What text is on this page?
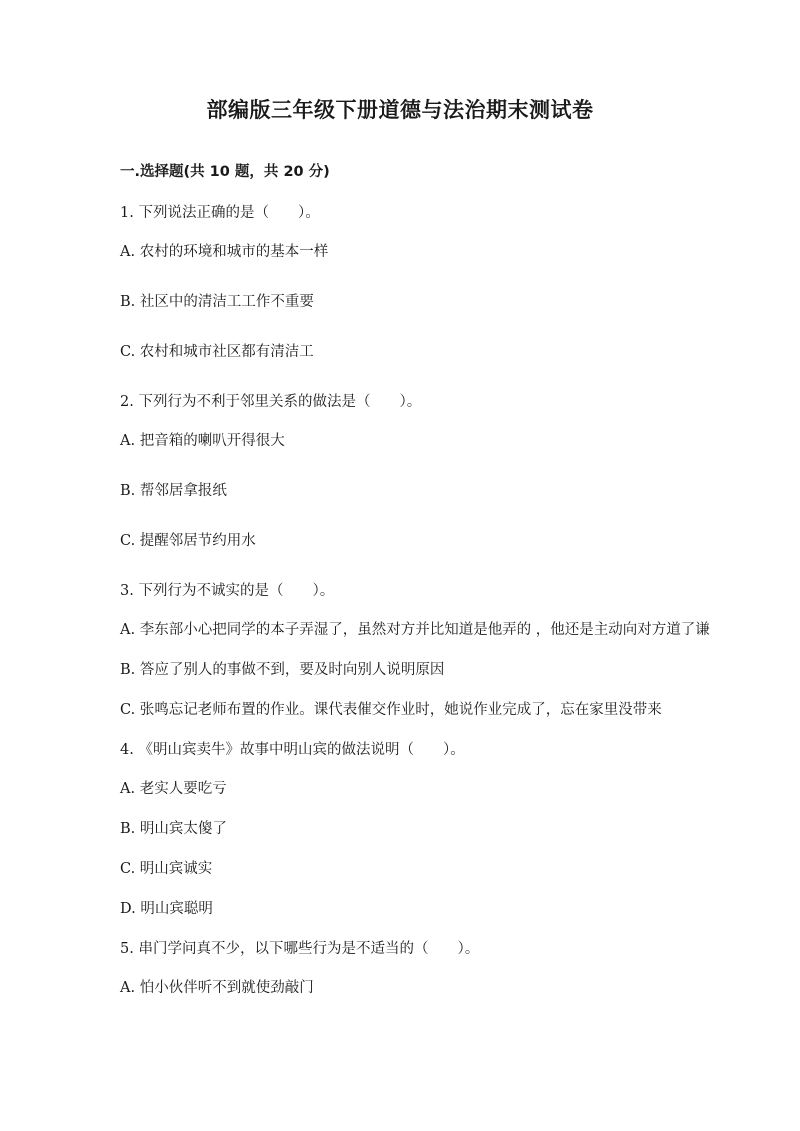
部编版三年级下册道德与法治期末测试卷
一.选择题(共 10 题，共 20 分)

1. 下列说法正确的是（　　）。

A. 农村的环境和城市的基本一样

B. 社区中的清洁工工作不重要

C. 农村和城市社区都有清洁工

2. 下列行为不利于邻里关系的做法是（　　）。

A. 把音箱的喇叭开得很大

B. 帮邻居拿报纸

C. 提醒邻居节约用水

3. 下列行为不诚实的是（　　）。

A. 李东部小心把同学的本子弄湿了，虽然对方并比知道是他弄的 ，他还是主动向对方道了谦

B. 答应了别人的事做不到，要及时向别人说明原因

C. 张鸣忘记老师布置的作业。课代表催交作业时，她说作业完成了，忘在家里没带来

4. 《明山宾卖牛》故事中明山宾的做法说明（　　）。

A. 老实人要吃亏

B. 明山宾太傻了

C. 明山宾诚实

D. 明山宾聪明

5. 串门学问真不少，以下哪些行为是不适当的（　　）。

A. 怕小伙伴听不到就使劲敲门
